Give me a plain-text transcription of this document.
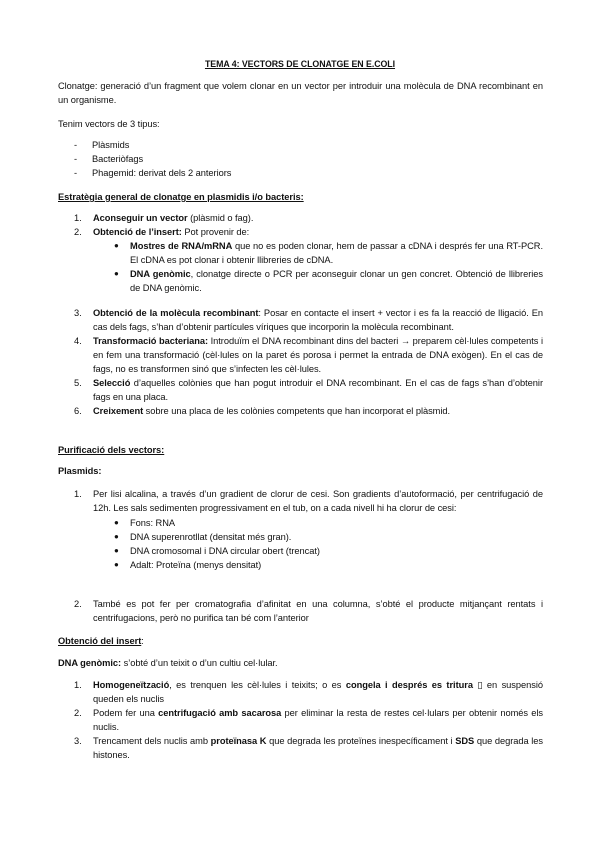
TEMA 4: VECTORS DE CLONATGE EN E.COLI
Clonatge: generació d’un fragment que volem clonar en un vector per introduir una molècula de DNA recombinant en un organisme.
Tenim vectors de 3 tipus:
- Plàsmids
- Bacteriòfags
- Phagemid: derivat dels 2 anteriors
Estratègia general de clonatge en plasmidis i/o bacteris:
1. Aconseguir un vector (plàsmid o fag).
2. Obtenció de l’insert: Pot provenir de:
● Mostres de RNA/mRNA que no es poden clonar, hem de passar a cDNA i després fer una RT-PCR. El cDNA es pot clonar i obtenir llibreries de cDNA.
● DNA genòmic, clonatge directe o PCR per aconseguir clonar un gen concret. Obtenció de llibreries de DNA genòmic.
3. Obtenció de la molècula recombinant: Posar en contacte el insert + vector i es fa la reacció de lligació. En cas dels fags, s’han d’obtenir partícules víriques que incorporin la molècula recombinant.
4. Transformació bacteriana: Introduïm el DNA recombinant dins del bacteri → preparem cèl·lules competents i en fem una transformació (cèl·lules on la paret és porosa i permet la entrada de DNA exògen). En el cas de fags, no es transformen sinó que s’infecten les cèl·lules.
5. Selecció d’aquelles colònies que han pogut introduir el DNA recombinant. En el cas de fags s’han d’obtenir fags en una placa.
6. Creixement sobre una placa de les colònies competents que han incorporat el plàsmid.
Purificació dels vectors:
Plasmids:
1. Per lisi alcalina, a través d’un gradient de clorur de cesi. Son gradients d’autoformació, per centrifugació de 12h. Les sals sedimenten progressivament en el tub, on a cada nivell hi ha clorur de cesi:
● Fons: RNA
● DNA superenrotllat (densitat més gran).
● DNA cromosomal i DNA circular obert (trencat)
● Adalt: Proteïna (menys densitat)
2. També es pot fer per cromatografia d’afinitat en una columna, s’obté el producte mitjançant rentats i centrifugacions, però no purifica tan bé com l’anterior
Obtenció del insert:
DNA genòmic: s’obté d’un teixit o d’un cultiu cel·lular.
1. Homogeneïtzació, es trenquen les cèl·lules i teixits; o es congela i després es tritura ▯ en suspensió queden els nuclis
2. Podem fer una centrifugació amb sacarosa per eliminar la resta de restes cel·lulars per obtenir només els nuclis.
3. Trencament dels nuclis amb proteïnasa K que degrada les proteïnes inespecíficament i SDS que degrada les histones.
